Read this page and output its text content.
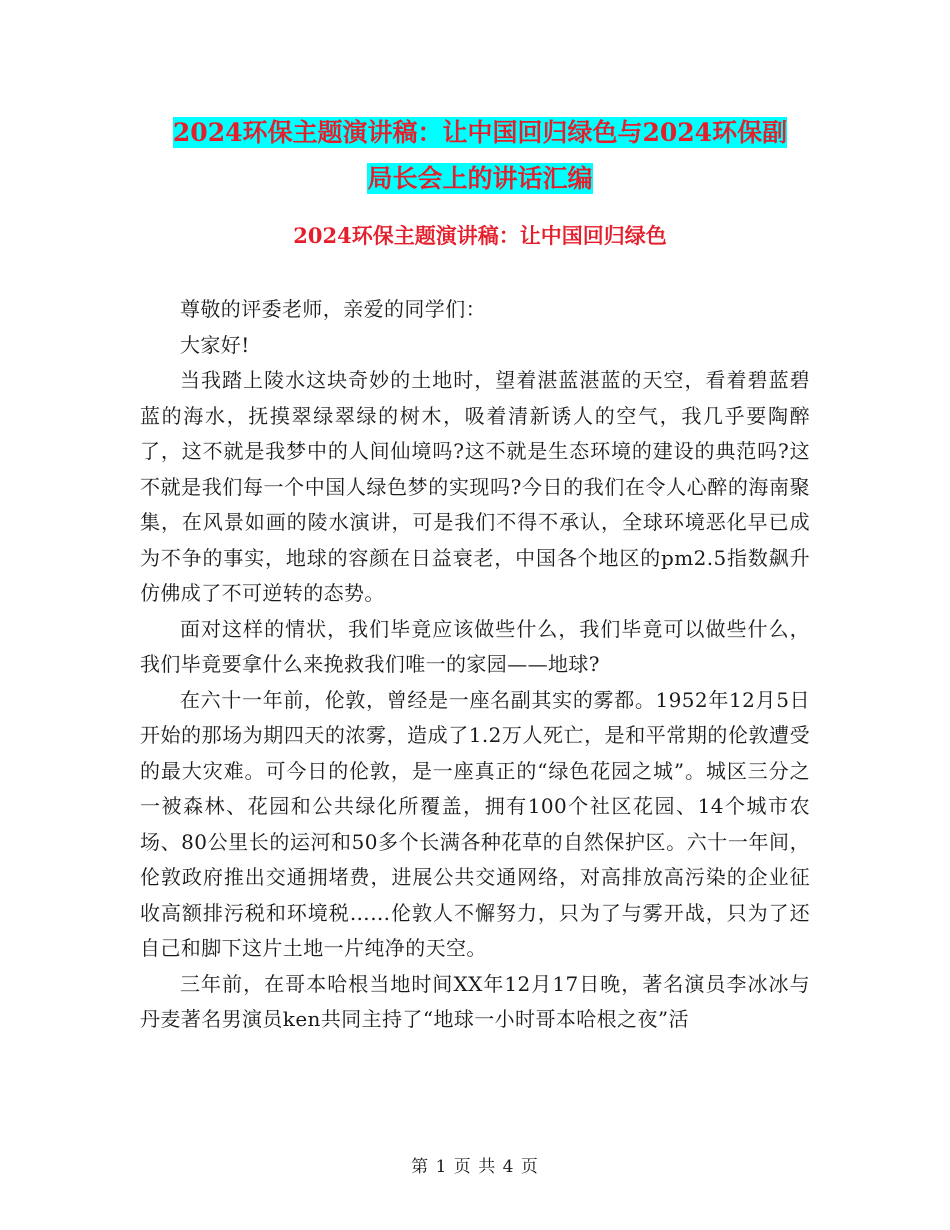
2024环保主题演讲稿：让中国回归绿色与2024环保副
局长会上的讲话汇编
2024环保主题演讲稿：让中国回归绿色

尊敬的评委老师，亲爱的同学们：

大家好!

当我踏上陵水这块奇妙的土地时，望着湛蓝湛蓝的天空，看着碧蓝碧蓝的海水，抚摸翠绿翠绿的树木，吸着清新诱人的空气，我几乎要陶醉了，这不就是我梦中的人间仙境吗?这不就是生态环境的建设的典范吗?这不就是我们每一个中国人绿色梦的实现吗?今日的我们在令人心醉的海南聚集，在风景如画的陵水演讲，可是我们不得不承认，全球环境恶化早已成为不争的事实，地球的容颜在日益衰老，中国各个地区的pm2.5指数飙升仿佛成了不可逆转的态势。

面对这样的情状，我们毕竟应该做些什么，我们毕竟可以做些什么，我们毕竟要拿什么来挽救我们唯一的家园——地球?

在六十一年前，伦敦，曾经是一座名副其实的雾都。1952年12月5日开始的那场为期四天的浓雾，造成了1.2万人死亡，是和平常期的伦敦遭受的最大灾难。可今日的伦敦，是一座真正的“绿色花园之城”。城区三分之一被森林、花园和公共绿化所覆盖，拥有100个社区花园、14个城市农场、80公里长的运河和50多个长满各种花草的自然保护区。六十一年间，伦敦政府推出交通拥堵费，进展公共交通网络，对高排放高污染的企业征收高额排污税和环境税……伦敦人不懈努力，只为了与雾开战，只为了还自己和脚下这片土地一片纯净的天空。

三年前，在哥本哈根当地时间XX年12月17日晚，著名演员李冰冰与丹麦著名男演员ken共同主持了“地球一小时哥本哈根之夜”活

第 1 页 共 4 页
